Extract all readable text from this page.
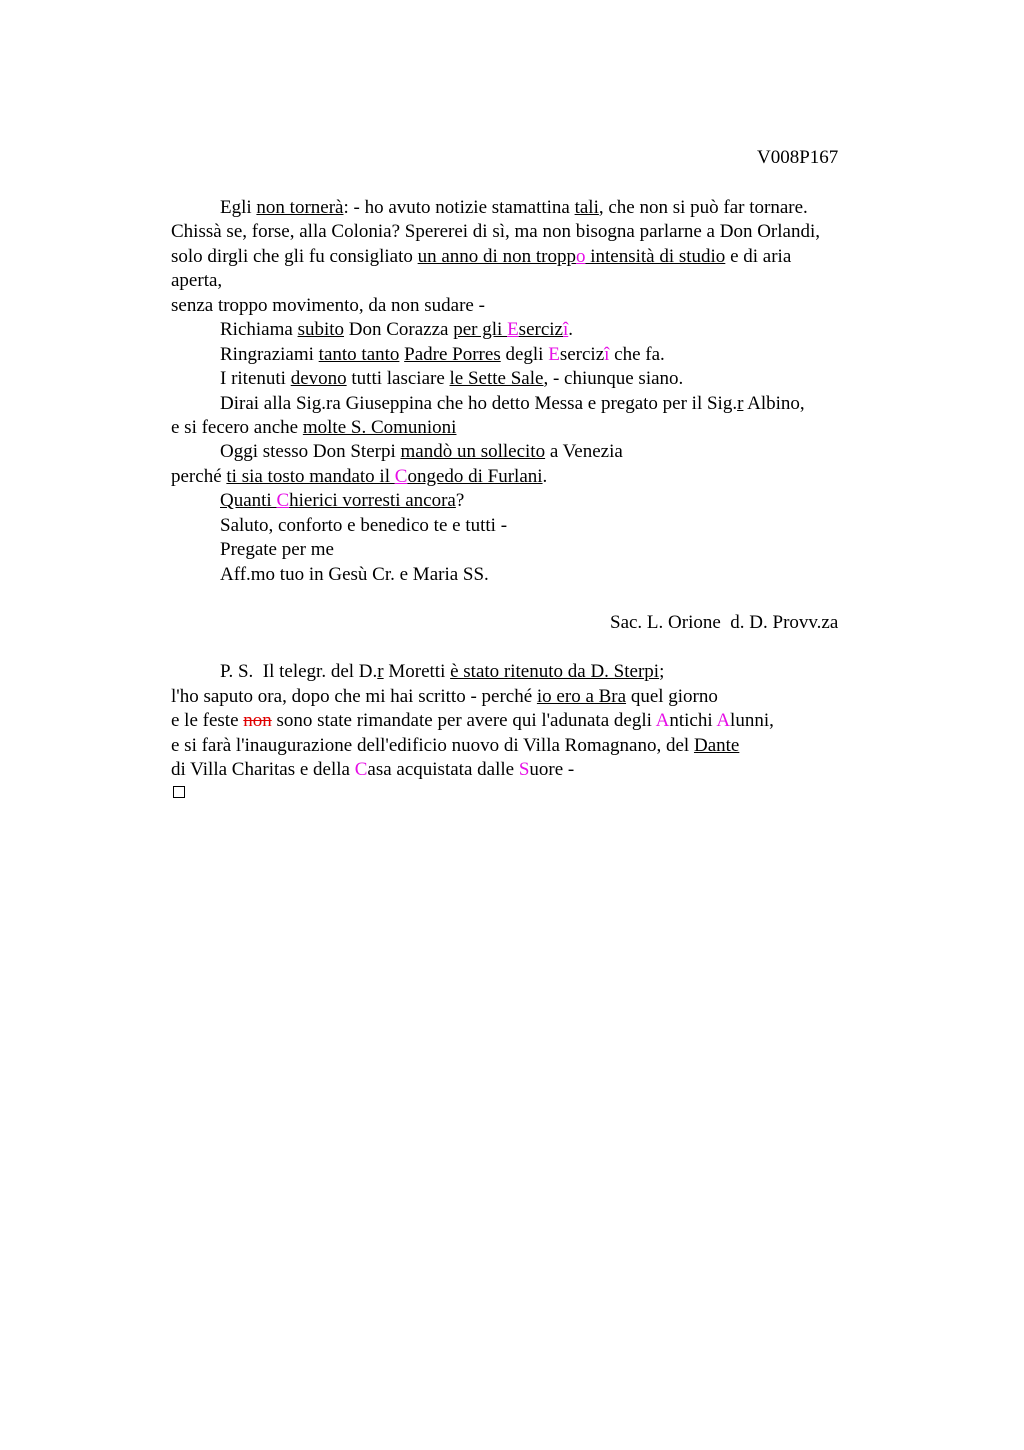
V008P167
Egli non tornerà: - ho avuto notizie stamattina tali, che non si può far tornare.
Chissà se, forse, alla Colonia? Spererei di sì, ma non bisogna parlarne a Don Orlandi,
solo dirgli che gli fu consigliato un anno di non troppo intensità di studio e di aria
aperta,
senza troppo movimento, da non sudare -
Richiama subito Don Corazza per gli Esercizî.
Ringraziami tanto tanto Padre Porres degli Esercizî che fa.
I ritenuti devono tutti lasciare le Sette Sale, - chiunque siano.
Dirai alla Sig.ra Giuseppina che ho detto Messa e pregato per il Sig.r Albino,
e si fecero anche molte S. Comunioni
Oggi stesso Don Sterpi mandò un sollecito a Venezia
perché ti sia tosto mandato il Congedo di Furlani.
Quanti Chierici vorresti ancora?
Saluto, conforto e benedico te e tutti -
Pregate per me
Aff.mo tuo in Gesù Cr. e Maria SS.
Sac. L. Orione  d. D. Provv.za
P. S.  Il telegr. del D.r Moretti è stato ritenuto da D. Sterpi;
l'ho saputo ora, dopo che mi hai scritto - perché io ero a Bra quel giorno
e le feste non sono state rimandate per avere qui l'adunata degli Antichi Alunni,
e si farà l'inaugurazione dell'edificio nuovo di Villa Romagnano, del Dante
di Villa Charitas e della Casa acquistata dalle Suore -
